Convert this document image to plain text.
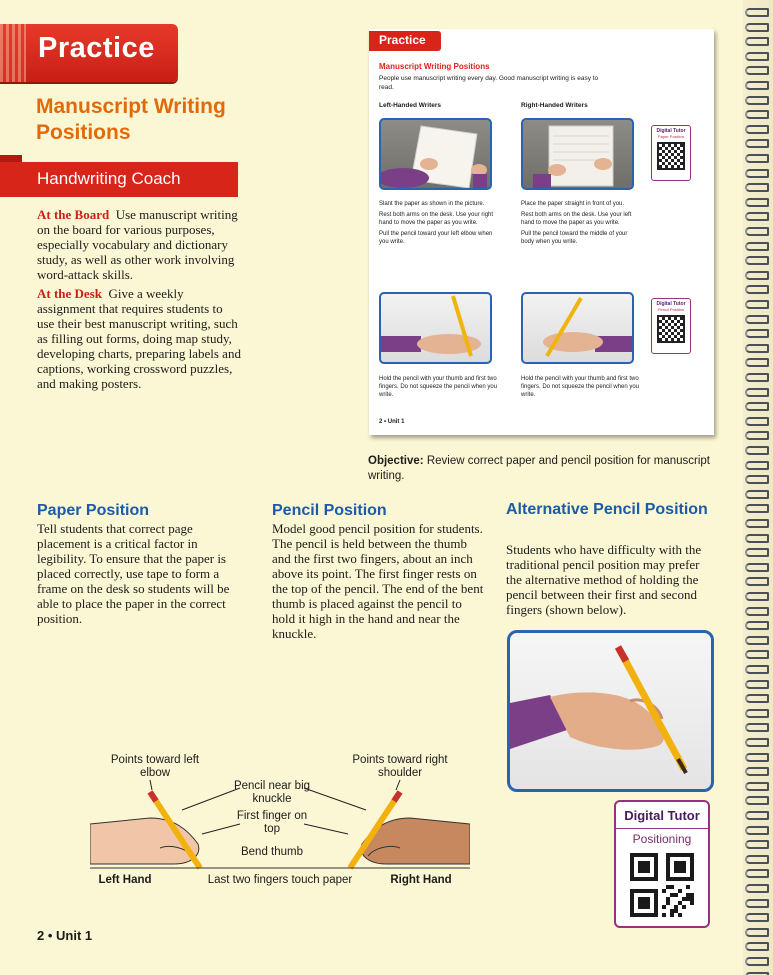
Practice
Manuscript Writing Positions
Handwriting Coach

At the Board Use manuscript writing on the board for various purposes, especially vocabulary and dictionary study, as well as other work involving word-attack skills.

At the Desk Give a weekly assignment that requires students to use their best manuscript writing, such as filling out forms, doing map study, developing charts, preparing labels and captions, working crossword puzzles, and making posters.

Practice
Manuscript Writing Positions
People use manuscript writing every day. Good manuscript writing is easy to read.
Left-Handed Writers	Right-Handed Writers
Digital Tutor
Paper Position

Slant the paper as shown in the picture.

Rest both arms on the desk. Use your right hand to move the paper as you write.

Pull the pencil toward your left elbow when you write.

Place the paper straight in front of you.

Rest both arms on the desk. Use your left hand to move the paper as you write.

Pull the pencil toward the middle of your body when you write.

Digital Tutor
Pencil Position
Hold the pencil with your thumb and first two fingers. Do not squeeze the pencil when you write.
Hold the pencil with your thumb and first two fingers. Do not squeeze the pencil when you write.
2 • Unit 1
Objective: Review correct paper and pencil position for manuscript writing.
Paper Position
Tell students that correct page placement is a critical factor in legibility. To ensure that the paper is placed correctly, use tape to form a frame on the desk so students will be able to place the paper in the correct position.
Pencil Position
Model good pencil position for students. The pencil is held between the thumb and the first two fingers, about an inch above its point. The first finger rests on the top of the pencil. The end of the bent thumb is placed against the pencil to hold it high in the hand and near the knuckle.
Alternative Pencil Position
Students who have difficulty with the traditional pencil position may prefer the alternative method of holding the pencil between their first and second fingers (shown below).
Digital Tutor
Positioning
Points toward left elbow
Points toward right shoulder
Pencil near big knuckle
First finger on top
Bend thumb
Left Hand	Last two fingers touch paper	Right Hand
2 • Unit 1
